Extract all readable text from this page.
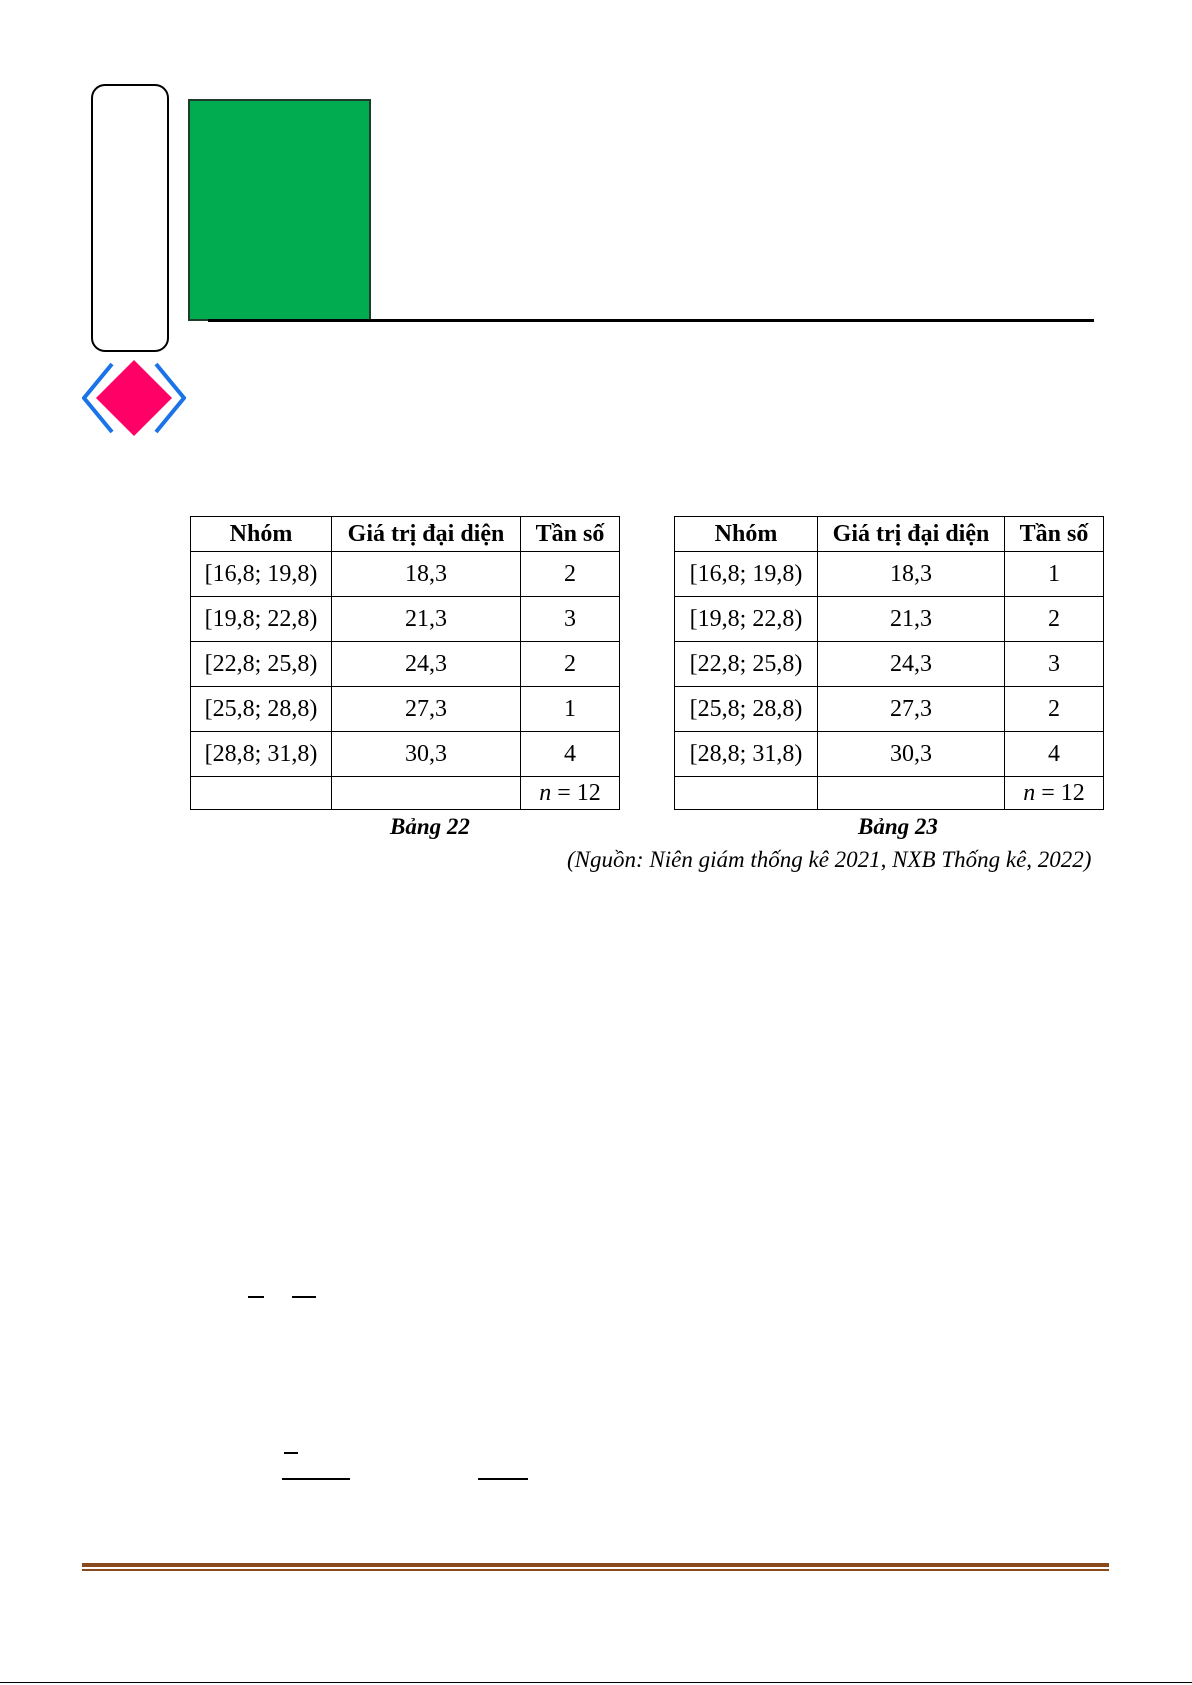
Nhóm	Giá trị đại diện	Tần số
[16,8; 19,8)	18,3	2
[19,8; 22,8)	21,3	3
[22,8; 25,8)	24,3	2
[25,8; 28,8)	27,3	1
[28,8; 31,8)	30,3	4
		n = 12
Bảng 22
Nhóm	Giá trị đại diện	Tần số
[16,8; 19,8)	18,3	1
[19,8; 22,8)	21,3	2
[22,8; 25,8)	24,3	3
[25,8; 28,8)	27,3	2
[28,8; 31,8)	30,3	4
		n = 12
Bảng 23
(Nguồn: Niên giám thống kê 2021, NXB Thống kê, 2022)
